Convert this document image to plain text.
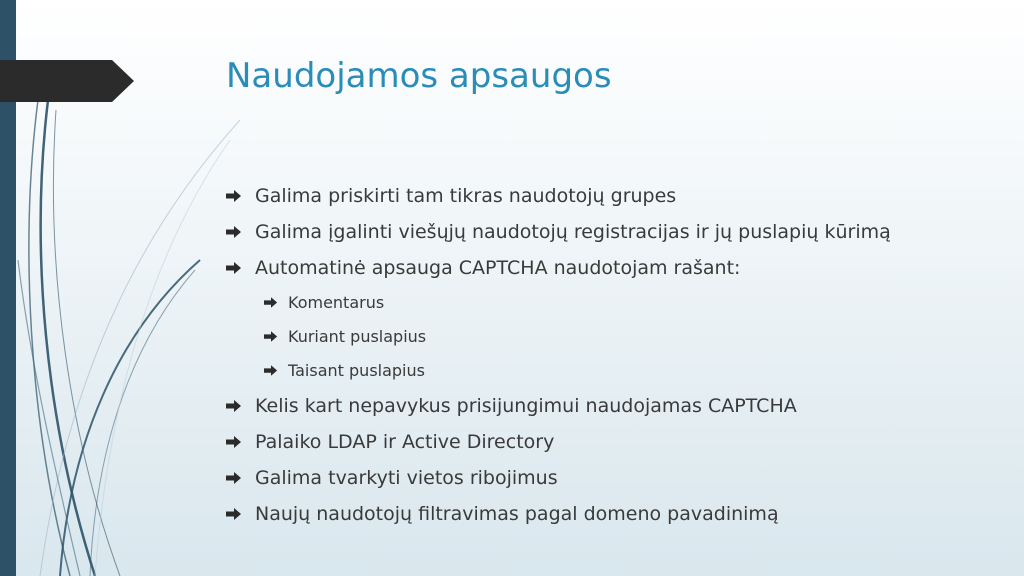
Naudojamos apsaugos
Galima priskirti tam tikras naudotojų grupes
Galima įgalinti viešųjų naudotojų registracijas ir jų puslapių kūrimą
Automatinė apsauga CAPTCHA naudotojam rašant:
Komentarus
Kuriant puslapius
Taisant puslapius
Kelis kart nepavykus prisijungimui naudojamas CAPTCHA
Palaiko LDAP ir Active Directory
Galima tvarkyti vietos ribojimus
Naujų naudotojų filtravimas pagal domeno pavadinimą
